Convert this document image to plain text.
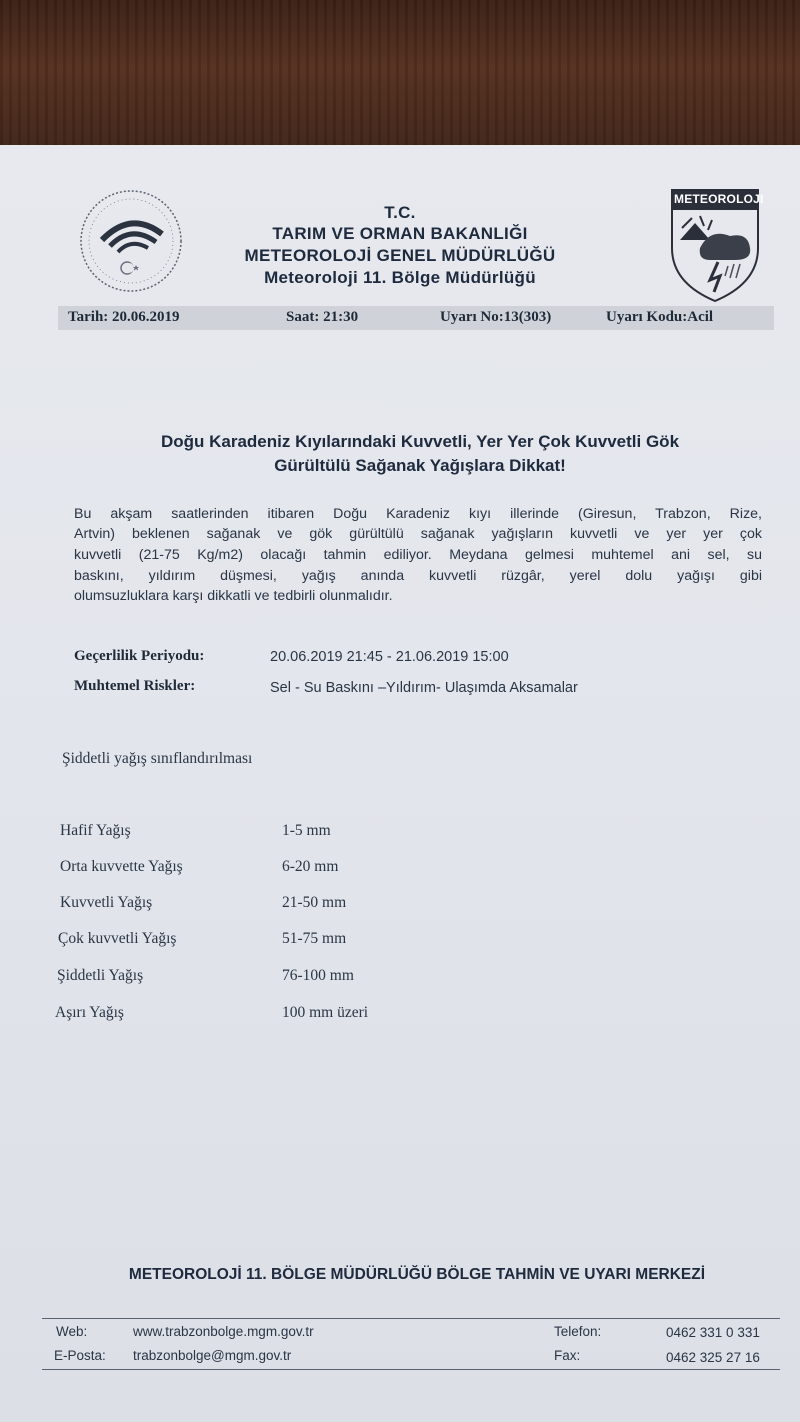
T.C.
TARIM VE ORMAN BAKANLIĞI
METEOROLOJİ GENEL MÜDÜRLÜĞÜ
Meteoroloji 11. Bölge Müdürlüğü
METEOROLOJI
Tarih: 20.06.2019	Saat: 21:30	Uyarı No:13(303)	Uyarı Kodu:Acil
Doğu Karadeniz Kıyılarındaki Kuvvetli, Yer Yer Çok Kuvvetli Gök
Gürültülü Sağanak Yağışlara Dikkat!
Bu akşam saatlerinden itibaren Doğu Karadeniz kıyı illerinde (Giresun, Trabzon, Rize,
Artvin) beklenen sağanak ve gök gürültülü sağanak yağışların kuvvetli ve yer yer çok
kuvvetli (21-75 Kg/m2) olacağı tahmin ediliyor. Meydana gelmesi muhtemel ani sel, su
baskını, yıldırım düşmesi, yağış anında kuvvetli rüzgâr, yerel dolu yağışı gibi
olumsuzluklara karşı dikkatli ve tedbirli olunmalıdır.
Geçerlilik Periyodu:	20.06.2019 21:45 - 21.06.2019 15:00
Muhtemel Riskler:	Sel - Su Baskını –Yıldırım- Ulaşımda Aksamalar
Şiddetli yağış sınıflandırılması
Hafif Yağış	1-5 mm
Orta kuvvette Yağış	6-20 mm
Kuvvetli Yağış	21-50 mm
Çok kuvvetli Yağış	51-75 mm
Şiddetli Yağış	76-100 mm
Aşırı Yağış	100 mm üzeri
METEOROLOJİ 11. BÖLGE MÜDÜRLÜĞÜ BÖLGE TAHMİN VE UYARI MERKEZİ
Web:	www.trabzonbolge.mgm.gov.tr	Telefon:	0462 331 0 331
E-Posta: trabzonbolge@mgm.gov.tr	Fax:	0462 325 27 16
